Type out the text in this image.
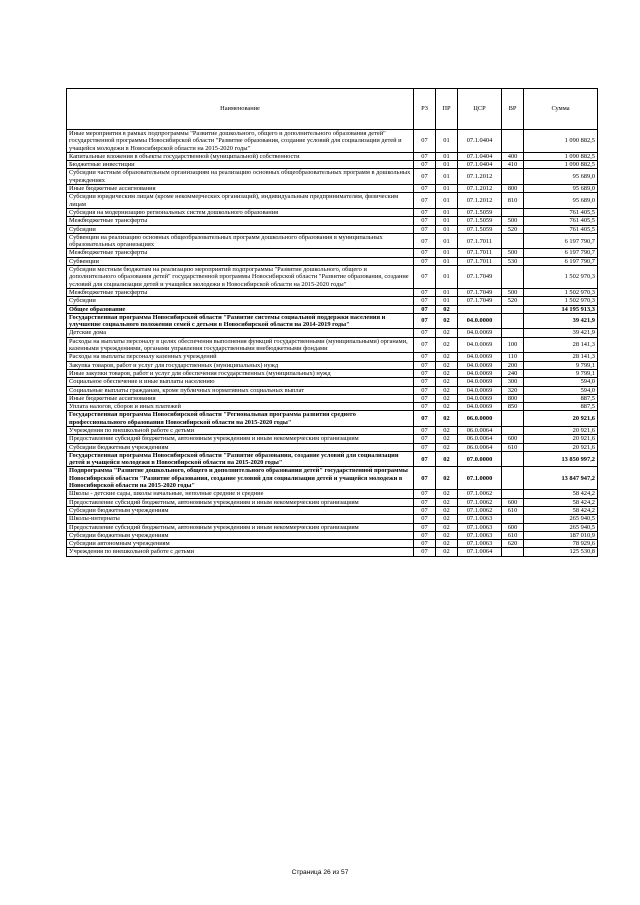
Наименование	РЗ	ПР	ЦСР	ВР	Сумма
Иные мероприятия в рамках подпрограммы "Развитие дошкольного, общего и дополнительного образования детей" государственной программы Новосибирской области "Развитие образования, создание условий для социализации детей и учащейся молодежи в Новосибирской области на 2015-2020 годы"	07	01	07.1.0404		1 090 882,5
Капитальные вложения в объекты государственной (муниципальной) собственности	07	01	07.1.0404	400	1 090 882,5
Бюджетные инвестиции	07	01	07.1.0404	410	1 090 882,5
Субсидии частным образовательным организациям на реализацию основных общеобразовательных программ в дошкольных учреждениях	07	01	07.1.2012		95 689,0
Иные бюджетные ассигнования	07	01	07.1.2012	800	95 689,0
Субсидии юридическим лицам (кроме некоммерческих организаций), индивидуальным предпринимателям, физическим лицам	07	01	07.1.2012	810	95 689,0
Субсидия на модернизацию региональных систем дошкольного образования	07	01	07.1.5059		761 405,5
Межбюджетные трансферты	07	01	07.1.5059	500	761 405,5
Субсидии	07	01	07.1.5059	520	761 405,5
Субвенции на реализацию основных общеобразовательных программ дошкольного образования в муниципальных образовательных организациях	07	01	07.1.7011		6 197 790,7
Межбюджетные трансферты	07	01	07.1.7011	500	6 197 790,7
Субвенции	07	01	07.1.7011	530	6 197 790,7
Субсидии местным бюджетам на реализацию мероприятий подпрограммы "Развитие дошкольного, общего и дополнительного образования детей" государственной программы Новосибирской области "Развитие образования, создание условий для социализации детей и учащейся молодежи в Новосибирской области на 2015-2020 годы"	07	01	07.1.7049		1 502 970,3
Межбюджетные трансферты	07	01	07.1.7049	500	1 502 970,3
Субсидии	07	01	07.1.7049	520	1 502 970,3
Общее образование	07	02			14 195 913,3
Государственная программа Новосибирской области "Развитие системы социальной поддержки населения и улучшение социального положения семей с детьми в Новосибирской области на 2014-2019 годы"	07	02	04.0.0000		39 421,9
Детские дома	07	02	04.0.0069		39 421,9
Расходы на выплаты персоналу в целях обеспечения выполнения функций государственными (муниципальными) органами, казенными учреждениями, органами управления государственными внебюджетными фондами	07	02	04.0.0069	100	28 141,3
Расходы на выплаты персоналу казенных учреждений	07	02	04.0.0069	110	28 141,3
Закупка товаров, работ и услуг для государственных (муниципальных) нужд	07	02	04.0.0069	200	9 799,1
Иные закупки товаров, работ и услуг для обеспечения государственных (муниципальных) нужд	07	02	04.0.0069	240	9 799,1
Социальное обеспечение и иные выплаты населению	07	02	04.0.0069	300	594,0
Социальные выплаты гражданам, кроме публичных нормативных социальных выплат	07	02	04.0.0069	320	594,0
Иные бюджетные ассигнования	07	02	04.0.0069	800	887,5
Уплата налогов, сборов и иных платежей	07	02	04.0.0069	850	887,5
Государственная программа Новосибирской области "Региональная программа развития среднего профессионального образования Новосибирской области на 2015-2020 годы"	07	02	06.0.0000		20 921,6
Учреждения по внешкольной работе с детьми	07	02	06.0.0064		20 921,6
Предоставление субсидий бюджетным, автономным учреждениям и иным некоммерческим организациям	07	02	06.0.0064	600	20 921,6
Субсидии бюджетным учреждениям	07	02	06.0.0064	610	20 921,6
Государственная программа Новосибирской области "Развитие образования, создание условий для социализации детей и учащейся молодежи в Новосибирской области на 2015-2020 годы"	07	02	07.0.0000		13 850 997,2
Подпрограмма "Развитие дошкольного, общего и дополнительного образования детей" государственной программы Новосибирской области "Развитие образования, создание условий для социализации детей и учащейся молодежи в Новосибирской области на 2015-2020 годы"	07	02	07.1.0000		13 847 947,2
Школы - детские сады, школы начальные, неполные средние и средние	07	02	07.1.0062		58 424,2
Предоставление субсидий бюджетным, автономным учреждениям и иным некоммерческим организациям	07	02	07.1.0062	600	58 424,2
Субсидии бюджетным учреждениям	07	02	07.1.0062	610	58 424,2
Школы-интернаты	07	02	07.1.0063		265 940,5
Предоставление субсидий бюджетным, автономным учреждениям и иным некоммерческим организациям	07	02	07.1.0063	600	265 940,5
Субсидии бюджетным учреждениям	07	02	07.1.0063	610	187 010,9
Субсидии автономным учреждениям	07	02	07.1.0063	620	78 929,6
Учреждения по внешкольной работе с детьми	07	02	07.1.0064		125 530,8
Страница 26 из 57
